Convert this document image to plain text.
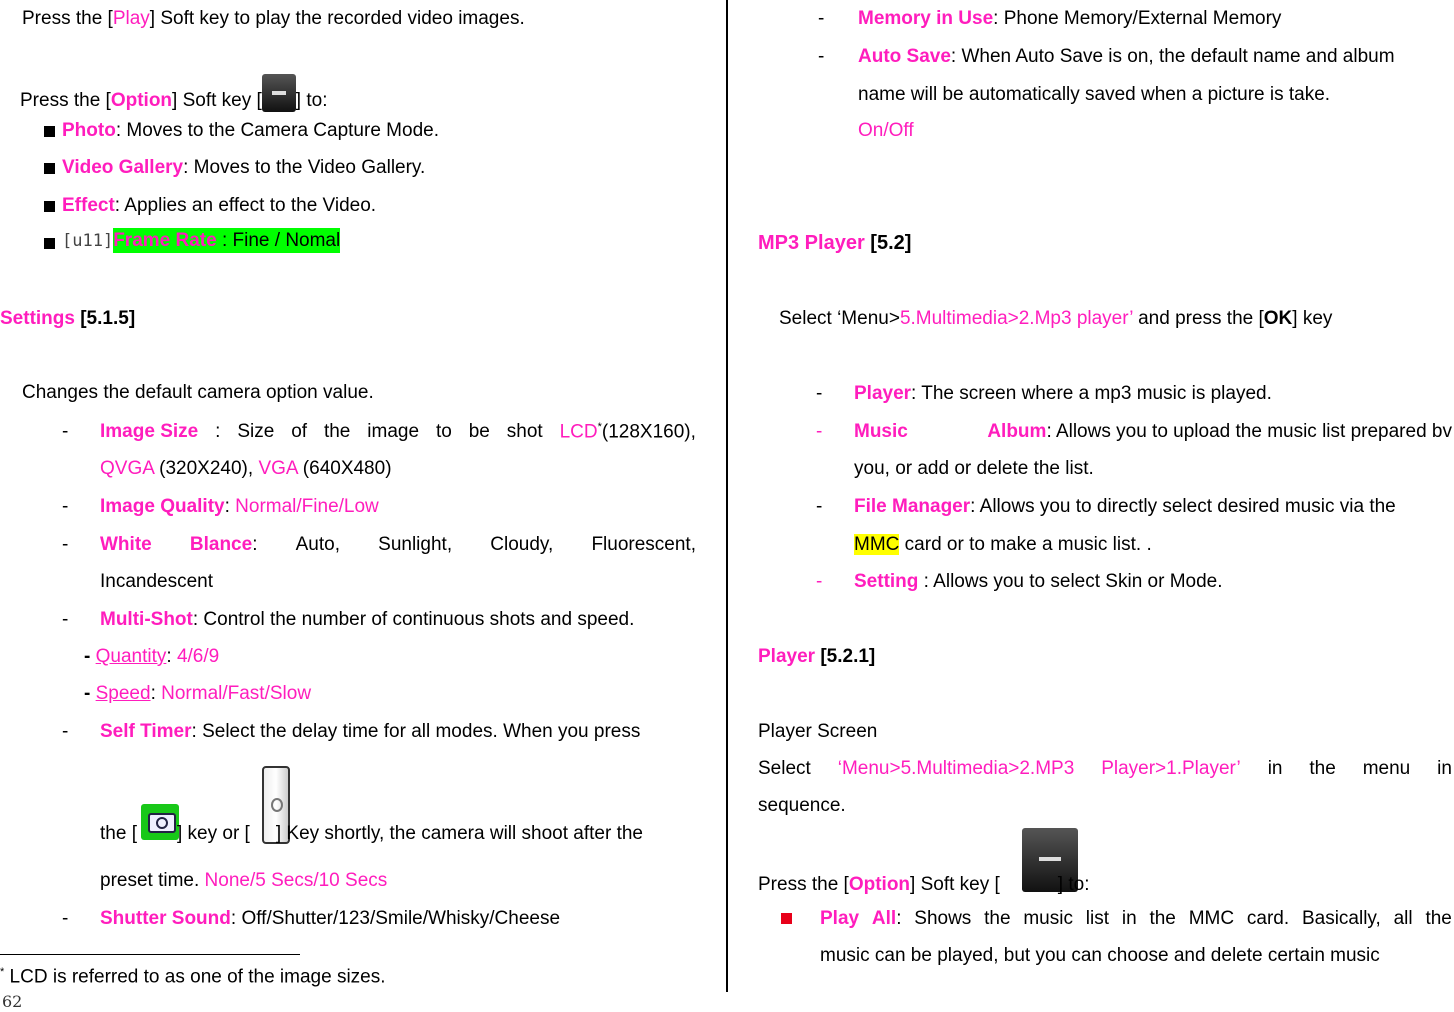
Press the [Play] Soft key to play the recorded video images.
Press the [Option] Soft key [ ] to:
Photo: Moves to the Camera Capture Mode.
Video Gallery: Moves to the Video Gallery.
Effect: Applies an effect to the Video.
[u11]Frame Rate : Fine / Nomal
Settings [5.1.5]
Changes the default camera option value.
- Image Size : Size of the image to be shot LCD*(128X160),
QVGA (320X240), VGA (640X480)
- Image Quality: Normal/Fine/Low
- White Blance: Auto, Sunlight, Cloudy, Fluorescent,
Incandescent
- Multi-Shot: Control the number of continuous shots and speed.
- Quantity: 4/6/9
- Speed: Normal/Fast/Slow
- Self Timer: Select the delay time for all modes. When you press
the [ ] key or [ ] Key shortly, the camera will shoot after the
preset time. None/5 Secs/10 Secs
- Shutter Sound: Off/Shutter/123/Smile/Whisky/Cheese
* LCD is referred to as one of the image sizes.
62
- Memory in Use: Phone Memory/External Memory
- Auto Save: When Auto Save is on, the default name and album
name will be automatically saved when a picture is take.
On/Off
MP3 Player [5.2]
Select ‘Menu>5.Multimedia>2.Mp3 player’ and press the [OK] key
- Player: The screen where a mp3 music is played.
- Music	Album: Allows you to upload the music list prepared bv
you, or add or delete the list.
- File Manager: Allows you to directly select desired music via the
MMC card or to make a music list. .
- Setting : Allows you to select Skin or Mode.
Player [5.2.1]
Player Screen
Select ‘Menu>5.Multimedia>2.MP3 Player>1.Player’ in the menu in
sequence.
Press the [Option] Soft key [	] to:
Play All: Shows the music list in the MMC card. Basically, all the
music can be played, but you can choose and delete certain music
